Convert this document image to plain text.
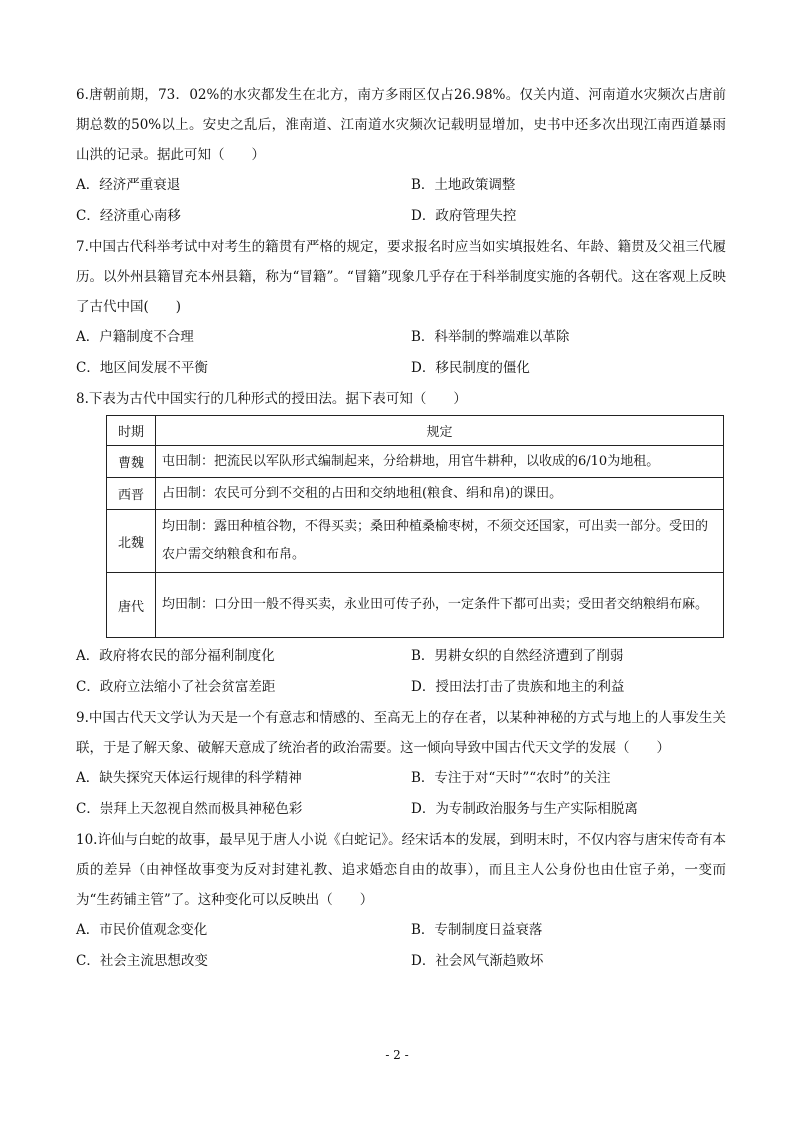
6.唐朝前期，73．02%的水灾都发生在北方，南方多雨区仅占26.98%。仅关内道、河南道水灾频次占唐前期总数的50%以上。安史之乱后，淮南道、江南道水灾频次记载明显增加，史书中还多次出现江南西道暴雨山洪的记录。据此可知（　　）
A．经济严重衰退	B．土地政策调整
C．经济重心南移	D．政府管理失控
7.中国古代科举考试中对考生的籍贯有严格的规定，要求报名时应当如实填报姓名、年龄、籍贯及父祖三代履历。以外州县籍冒充本州县籍，称为“冒籍”。“冒籍”现象几乎存在于科举制度实施的各朝代。这在客观上反映了古代中国(　　)
A．户籍制度不合理	B．科举制的弊端难以革除
C．地区间发展不平衡	D．移民制度的僵化
8.下表为古代中国实行的几种形式的授田法。据下表可知（　　）
时期	规定
曹魏	屯田制：把流民以军队形式编制起来，分给耕地，用官牛耕种，以收成的6/10为地租。
西晋	占田制：农民可分到不交租的占田和交纳地租(粮食、绢和帛)的课田。
北魏	均田制：露田种植谷物，不得买卖；桑田种植桑榆枣树，不须交还国家，可出卖一部分。受田的农户需交纳粮食和布帛。
唐代	均田制：口分田一般不得买卖，永业田可传子孙，一定条件下都可出卖；受田者交纳粮绢布麻。
A．政府将农民的部分福利制度化	B．男耕女织的自然经济遭到了削弱
C．政府立法缩小了社会贫富差距	D．授田法打击了贵族和地主的利益
9.中国古代天文学认为天是一个有意志和情感的、至高无上的存在者，以某种神秘的方式与地上的人事发生关联，于是了解天象、破解天意成了统治者的政治需要。这一倾向导致中国古代天文学的发展（　　）
A．缺失探究天体运行规律的科学精神	B．专注于对“天时”“农时”的关注
C．崇拜上天忽视自然而极具神秘色彩	D．为专制政治服务与生产实际相脱离
10.许仙与白蛇的故事，最早见于唐人小说《白蛇记》。经宋话本的发展，到明末时，不仅内容与唐宋传奇有本质的差异（由神怪故事变为反对封建礼教、追求婚恋自由的故事），而且主人公身份也由仕宦子弟，一变而为“生药铺主管”了。这种变化可以反映出（　　）
A．市民价值观念变化	B．专制制度日益衰落
C．社会主流思想改变	D．社会风气渐趋败坏
- 2 -
